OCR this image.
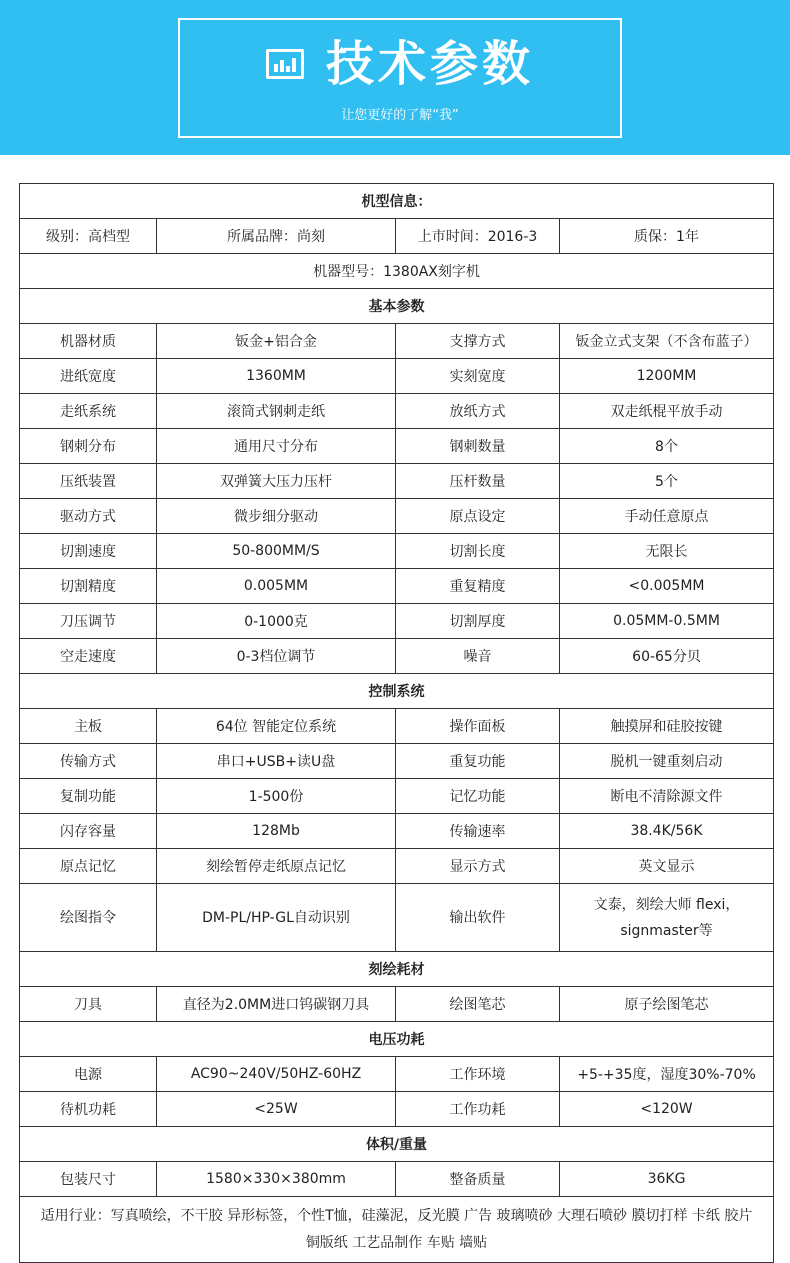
技术参数
让您更好的了解“我”
机型信息：			
级别：高档型	所属品牌：尚刻	上市时间：2016-3	质保：1年
机器型号：1380AX刻字机			
基本参数			
机器材质	钣金+铝合金	支撑方式	钣金立式支架（不含布蓝子）
进纸宽度	1360MM	实刻宽度	1200MM
走纸系统	滚筒式钢刺走纸	放纸方式	双走纸棍平放手动
钢刺分布	通用尺寸分布	钢刺数量	8个
压纸装置	双弹簧大压力压杆	压杆数量	5个
驱动方式	微步细分驱动	原点设定	手动任意原点
切割速度	50-800MM/S	切割长度	无限长
切割精度	0.005MM	重复精度	<0.005MM
刀压调节	0-1000克	切割厚度	0.05MM-0.5MM
空走速度	0-3档位调节	噪音	60-65分贝
控制系统			
主板	64位 智能定位系统	操作面板	触摸屏和硅胶按键
传输方式	串口+USB+读U盘	重复功能	脱机一键重刻启动
复制功能	1-500份	记忆功能	断电不清除源文件
闪存容量	128Mb	传输速率	38.4K/56K
原点记忆	刻绘暂停走纸原点记忆	显示方式	英文显示
绘图指令	DM-PL/HP-GL自动识别	输出软件	文泰，刻绘大师 flexi，
signmaster等

刻绘耗材			
刀具	直径为2.0MM进口钨碳钢刀具	绘图笔芯	原子绘图笔芯
电压功耗			
电源	AC90~240V/50HZ-60HZ	工作环境	+5-+35度，湿度30%-70%
待机功耗	<25W	工作功耗	<120W
体积/重量			
包装尺寸	1580×330×380mm	整备质量	36KG
适用行业：写真喷绘，不干胶 异形标签，个性T恤，硅藻泥，反光膜 广告 玻璃喷砂 大理石喷砂 膜切打样 卡纸 胶片 铜版纸 工艺品制作 车贴 墙贴			
